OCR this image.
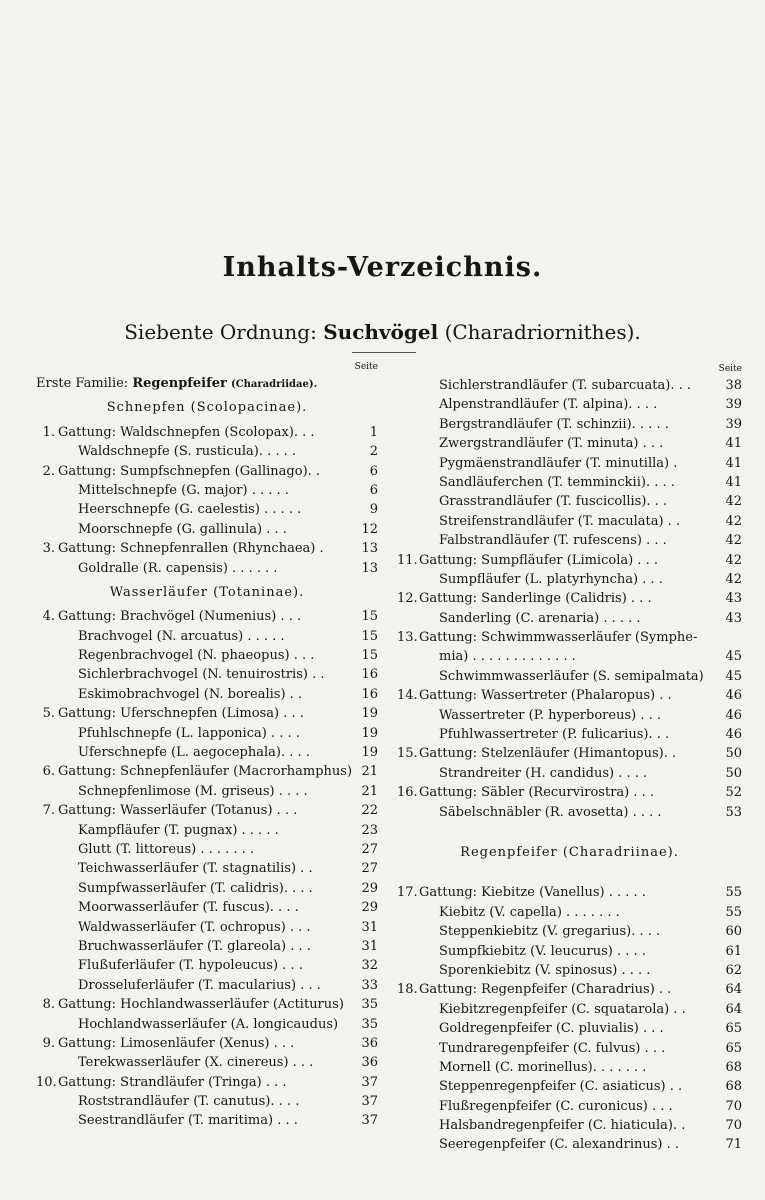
Inhalts-Verzeichnis.
Siebente Ordnung: Suchvögel (Charadriornithes).
Seite
Erste Familie: Regenpfeifer (Charadriidae).
Schnepfen (Scolopacinae).
1. Gattung: Waldschnepfen (Scolopax). . .	1
Waldschnepfe (S. rusticula). . . . .	2
2. Gattung: Sumpfschnepfen (Gallinago). .	6
Mittelschnepfe (G. major) . . . . .	6
Heerschnepfe (G. caelestis) . . . . .	9
Moorschnepfe (G. gallinula) . . .	12
3. Gattung: Schnepfenrallen (Rhynchaea) .	13
Goldralle (R. capensis) . . . . . .	13
Wasserläufer (Totaninae).
4. Gattung: Brachvögel (Numenius) . . .	15
Brachvogel (N. arcuatus) . . . . .	15
Regenbrachvogel (N. phaeopus) . . .	15
Sichlerbrachvogel (N. tenuirostris) . .	16
Eskimobrachvogel (N. borealis) . .	16
5. Gattung: Uferschnepfen (Limosa) . . .	19
Pfuhlschnepfe (L. lapponica) . . . .	19
Uferschnepfe (L. aegocephala). . . .	19
6. Gattung: Schnepfenläufer (Macrorhamphus) 21
Schnepfenlimose (M. griseus) . . . .	21
7. Gattung: Wasserläufer (Totanus) . . .	22
Kampfläufer (T. pugnax) . . . . .	23
Glutt (T. littoreus) . . . . . . .	27
Teichwasserläufer (T. stagnatilis) . .	27
Sumpfwasserläufer (T. calidris). . . .	29
Moorwasserläufer (T. fuscus). . . .	29
Waldwasserläufer (T. ochropus) . . .	31
Bruchwasserläufer (T. glareola) . . .	31
Flußuferläufer (T. hypoleucus) . . .	32
Drosseluferläufer (T. macularius) . . .	33
8. Gattung: Hochlandwasserläufer (Actiturus)	35
Hochlandwasserläufer (A. longicaudus)	35
9. Gattung: Limosenläufer (Xenus) . . .	36
Terekwasserläufer (X. cinereus) . . .	36
10. Gattung: Strandläufer (Tringa) . . .	37
Roststrandläufer (T. canutus). . . .	37
Seestrandläufer (T. maritima) . . .	37
Seite
Sichlerstrandläufer (T. subarcuata). . .	38
Alpenstrandläufer (T. alpina). . . .	39
Bergstrandläufer (T. schinzii). . . . .	39
Zwergstrandläufer (T. minuta) . . .	41
Pygmäenstrandläufer (T. minutilla) .	41
Sandläuferchen (T. temminckii). . . .	41
Grasstrandläufer (T. fuscicollis). . .	42
Streifenstrandläufer (T. maculata) . .	42
Falbstrandläufer (T. rufescens) . . .	42
11. Gattung: Sumpfläufer (Limicola) . . .	42
Sumpfläufer (L. platyrhyncha) . . .	42
12. Gattung: Sanderlinge (Calidris) . . .	43
Sanderling (C. arenaria) . . . . .	43
13. Gattung: Schwimmwasserläufer (Symphe-
mia) . . . . . . . . . . . . .	45
Schwimmwasserläufer (S. semipalmata)	45
14. Gattung: Wassertreter (Phalaropus) . .	46
Wassertreter (P. hyperboreus) . . .	46
Pfuhlwassertreter (P. fulicarius). . .	46
15. Gattung: Stelzenläufer (Himantopus). .	50
Strandreiter (H. candidus) . . . .	50
16. Gattung: Säbler (Recurvirostra) . . .	52
Säbelschnäbler (R. avosetta) . . . .	53
Regenpfeifer (Charadriinae).
17. Gattung: Kiebitze (Vanellus) . . . . .	55
Kiebitz (V. capella) . . . . . . .	55
Steppenkiebitz (V. gregarius). . . .	60
Sumpfkiebitz (V. leucurus) . . . .	61
Sporenkiebitz (V. spinosus) . . . .	62
18. Gattung: Regenpfeifer (Charadrius) . .	64
Kiebitzregenpfeifer (C. squatarola) . .	64
Goldregenpfeifer (C. pluvialis) . . .	65
Tundraregenpfeifer (C. fulvus) . . .	65
Mornell (C. morinellus). . . . . . .	68
Steppenregenpfeifer (C. asiaticus) . .	68
Flußregenpfeifer (C. curonicus) . . .	70
Halsbandregenpfeifer (C. hiaticula). .	70
Seeregenpfeifer (C. alexandrinus) . .	71
